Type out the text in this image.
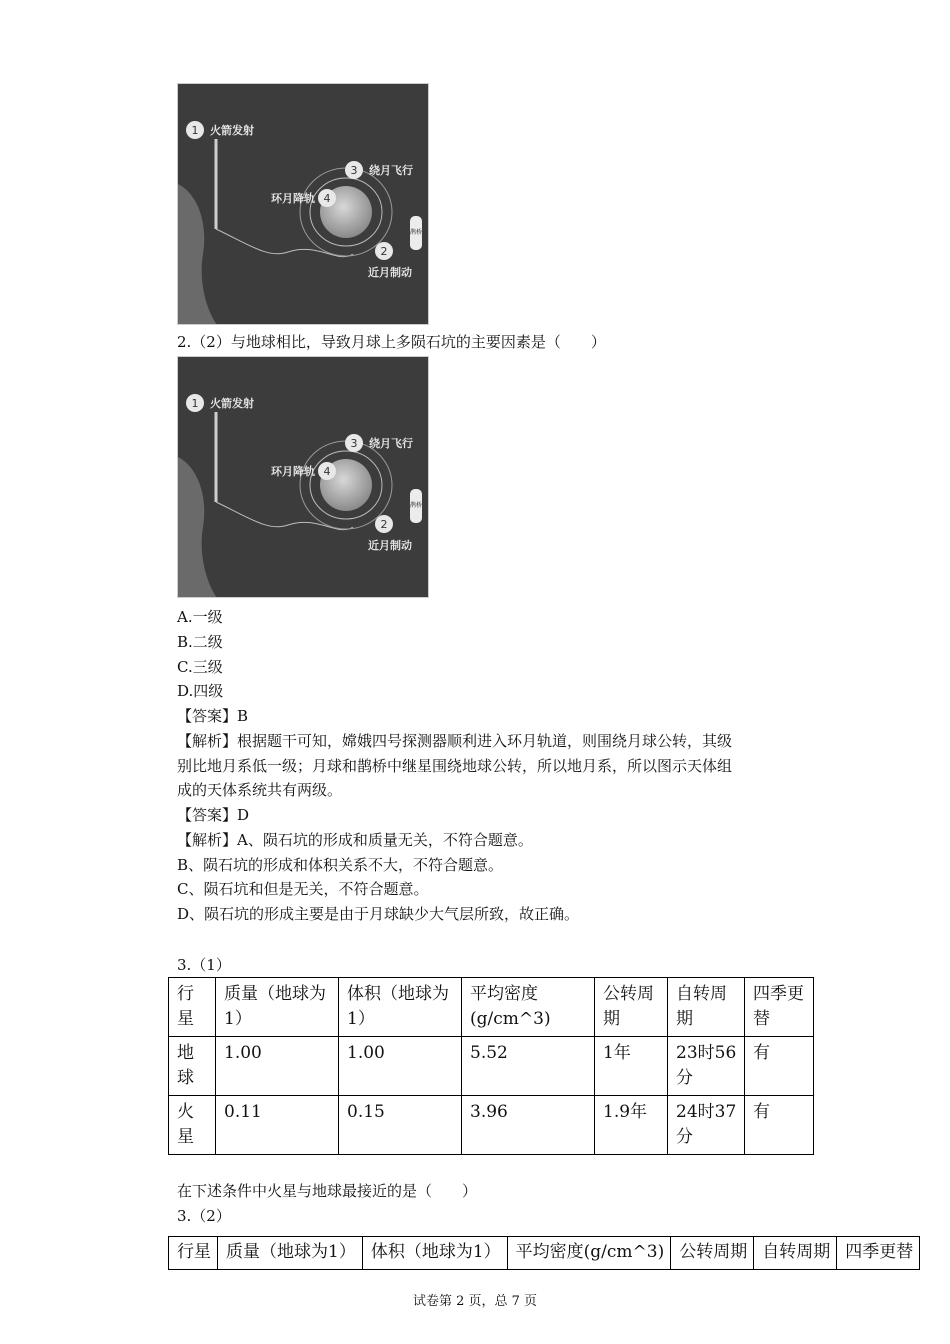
鹊桥
1 火箭发射
3 绕月飞行
环月降轨 4
2
近月制动
2.（2）与地球相比，导致月球上多陨石坑的主要因素是（　　）
鹊桥
1 火箭发射
3 绕月飞行
环月降轨 4
2
近月制动
A.一级
B.二级
C.三级
D.四级
【答案】B
【解析】根据题干可知，嫦娥四号探测器顺利进入环月轨道，则围绕月球公转，其级
别比地月系低一级；月球和鹊桥中继星围绕地球公转，所以地月系，所以图示天体组
成的天体系统共有两级。
【答案】D
【解析】A、陨石坑的形成和质量无关，不符合题意。
B、陨石坑的形成和体积关系不大，不符合题意。
C、陨石坑和但是无关，不符合题意。
D、陨石坑的形成主要是由于月球缺少大气层所致，故正确。
3.（1）
行星	质量（地球为1）	体积（地球为1）	平均密度(g/cm^3)	公转周期	自转周期	四季更替
地球	1.00	1.00	5.52	1年	23时56分	有
火星	0.11	0.15	3.96	1.9年	24时37分	有
在下述条件中火星与地球最接近的是（　　）
3.（2）
行星	质量（地球为1）	体积（地球为1）	平均密度(g/cm^3)	公转周期	自转周期	四季更替
试卷第 2 页，总 7 页
